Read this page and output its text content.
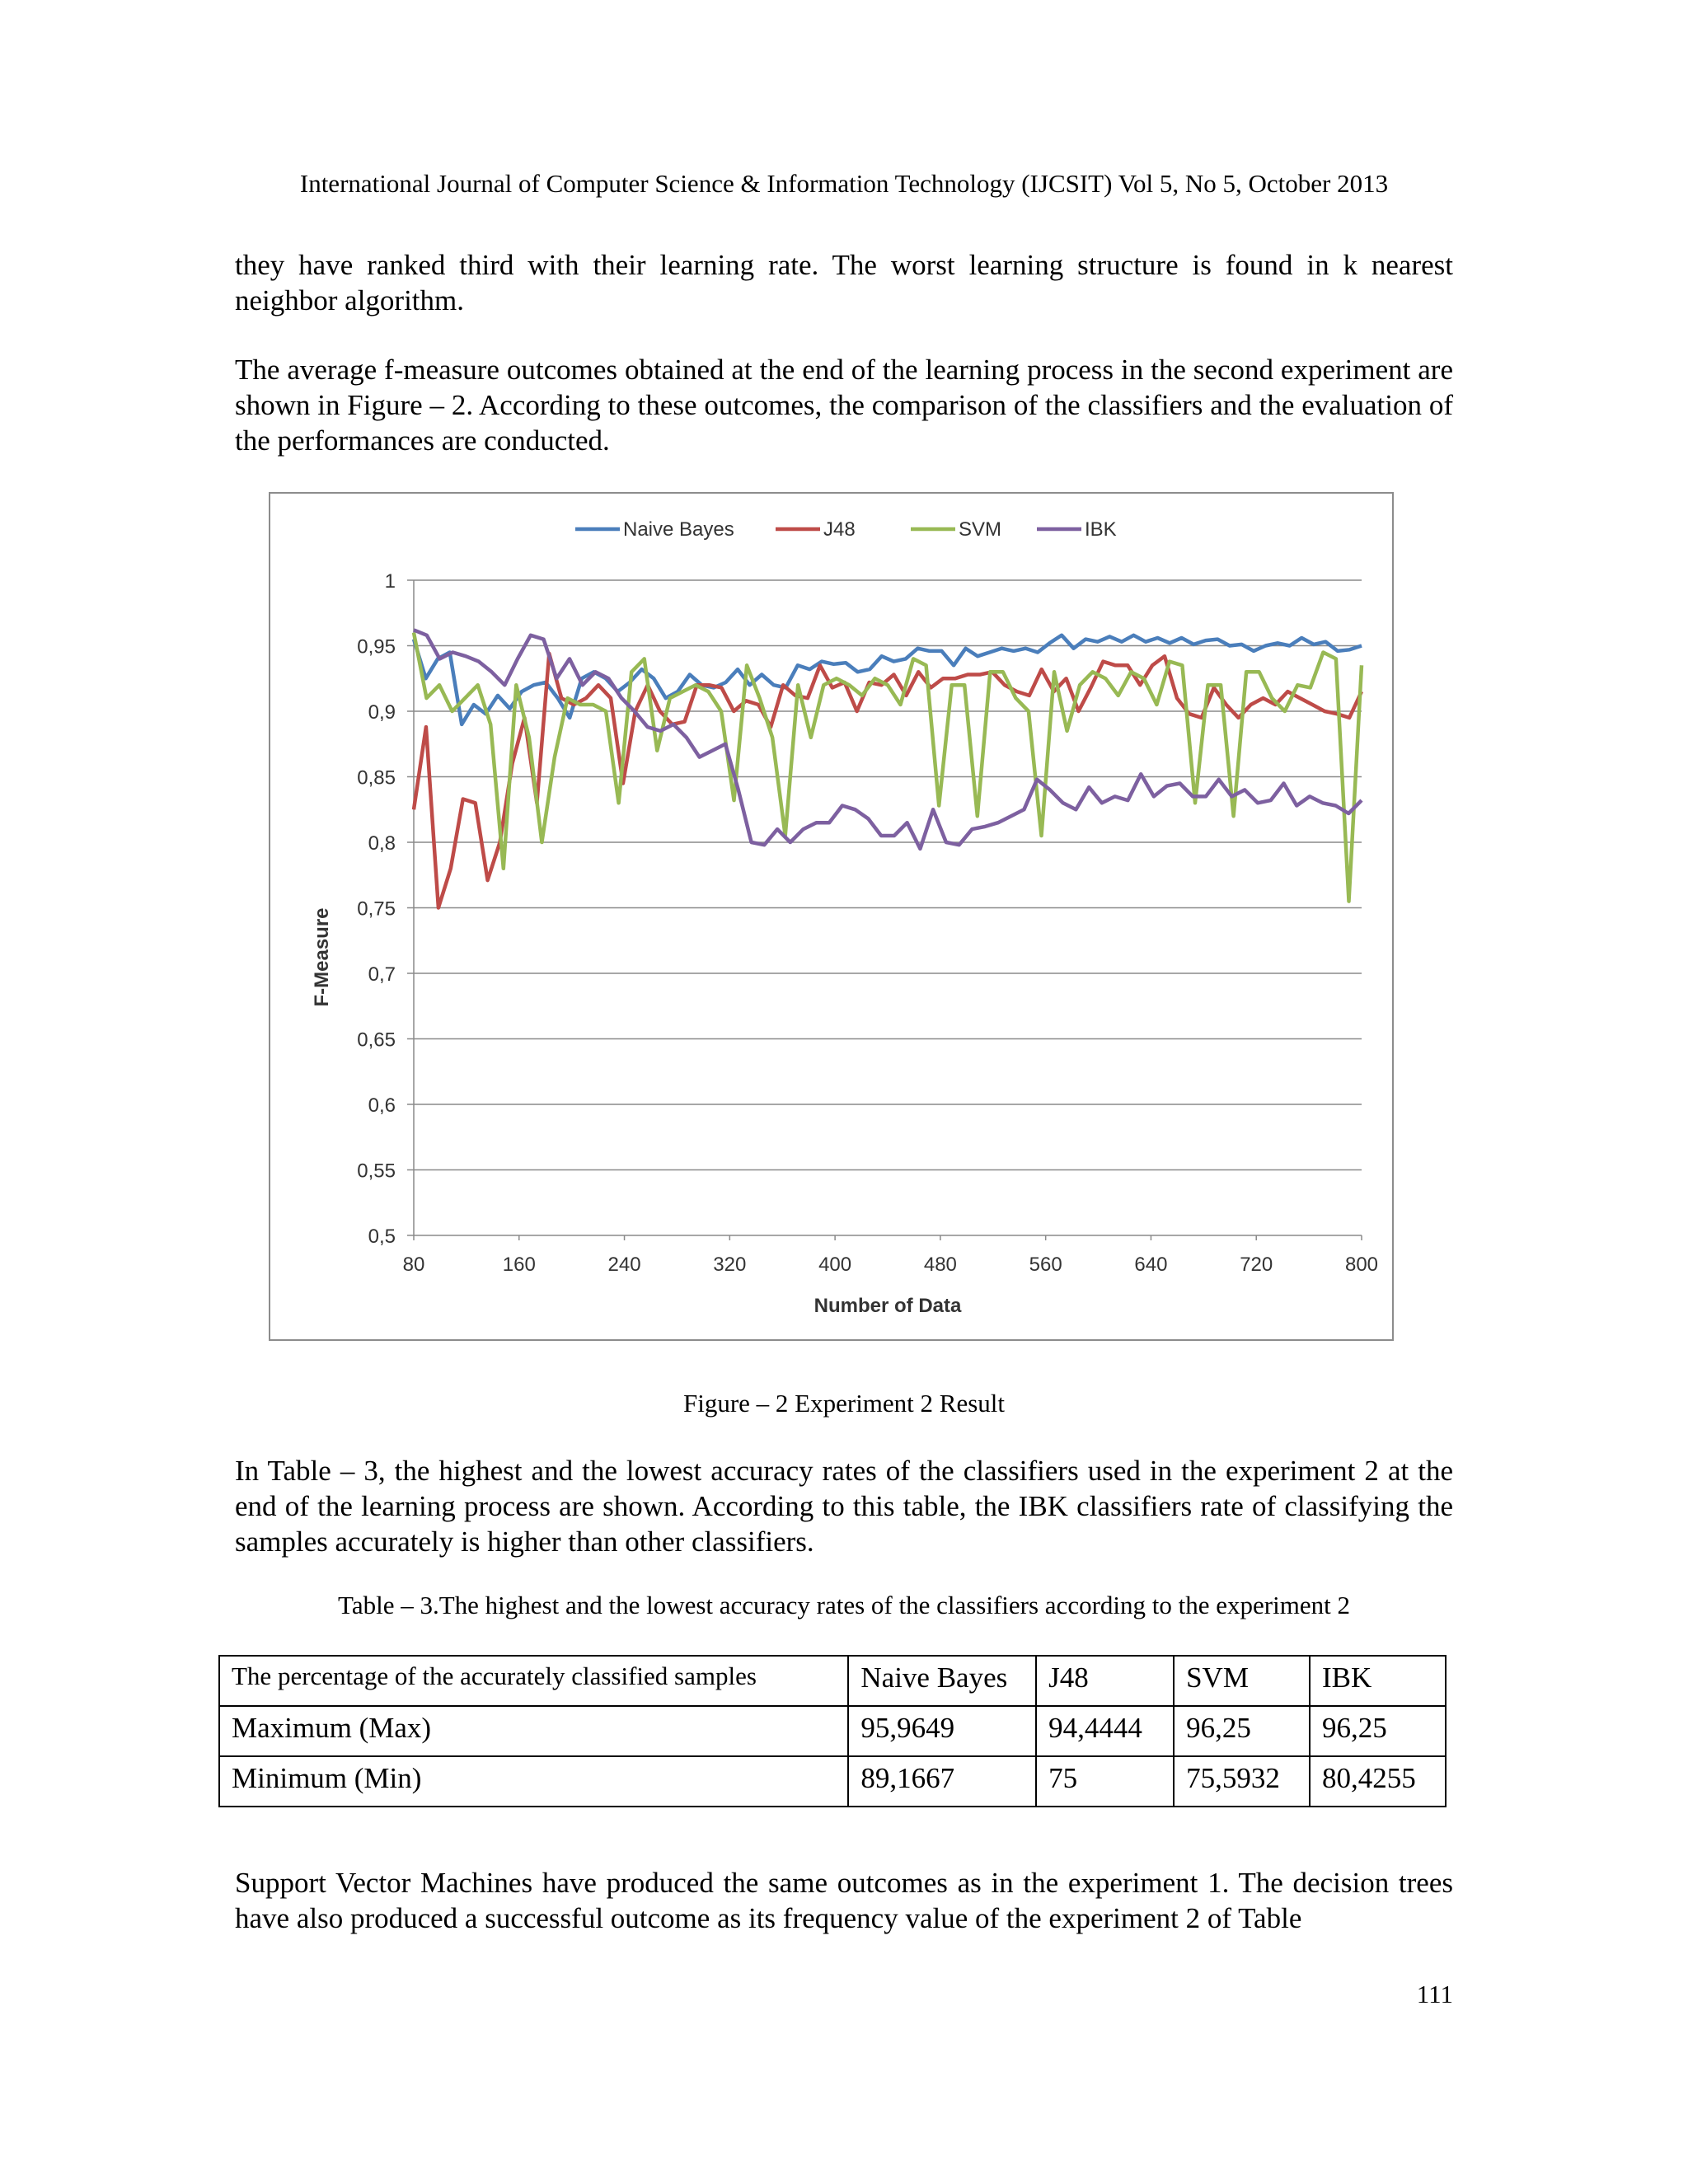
International Journal of Computer Science & Information Technology (IJCSIT) Vol 5, No 5, October 2013

they have ranked third with their learning rate. The worst learning structure is found in k nearest neighbor algorithm.

The average f-measure outcomes obtained at the end of the learning process in the second experiment are shown in Figure – 2. According to these outcomes, the comparison of the classifiers and the evaluation of the performances are conducted.

0,5
0,55
0,6
0,65
0,7
0,75
0,8
0,85
0,9
0,95
1
80	160	240	320	400	480	560	640	720	800
Number of Data
F-Measure
Naive Bayes	J48	SVM	IBK
Figure – 2 Experiment 2 Result

In Table – 3, the highest and the lowest accuracy rates of the classifiers used in the experiment 2 at the end of the learning process are shown. According to this table, the IBK classifiers rate of classifying the samples accurately is higher than other classifiers.

Table – 3.The highest and the lowest accuracy rates of the classifiers according to the experiment 2
The percentage of the accurately classified samples	Naive Bayes	J48	SVM	IBK
Maximum (Max)	95,9649	94,4444	96,25	96,25
Minimum (Min)	89,1667	75	75,5932	80,4255

Support Vector Machines have produced the same outcomes as in the experiment 1. The decision trees have also produced a successful outcome as its frequency value of the experiment 2 of Table

111
